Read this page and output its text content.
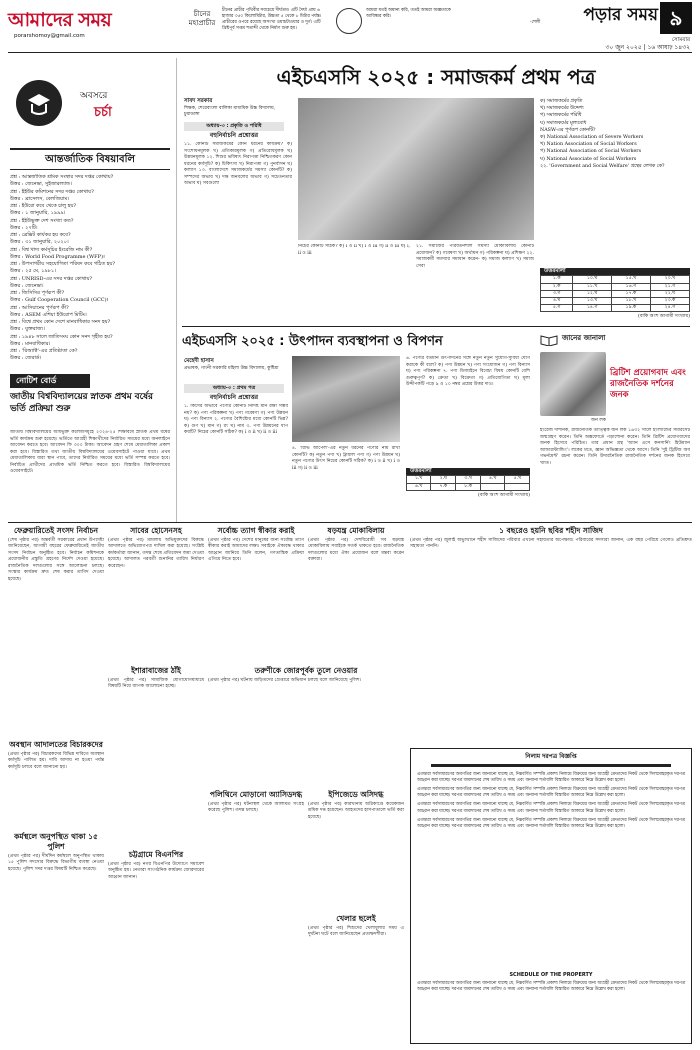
আমাদের সময়
porarshomoy@gmail.com
চীনের মহাপ্রাচীর
চীনের প্রাচীর পৃথিবীর সবচেয়ে দীর্ঘতম। এটি দৈর্ঘ্য প্রায় ৬ হাজার ৩৫০ কিলোমিটার, উচ্চতা ৫ থেকে ৮ মিটার পর্যন্ত। প্রাচীরের ওপরে রয়েছে অসংখ্য ওয়াচটাওয়ার ও দুর্গ। এটি খ্রিষ্টপূর্ব সপ্তম শতাব্দী থেকে নির্মাণ শুরু হয়।
আমরা যতই অমান্য করি, ততই আমরা অজ্ঞতাকে আবিষ্কার করি।
-শেলী	পড়ার সময় ৯
সোমবার
৩০ জুন ২০২৫ | ১৬ আষাঢ় ১৪৩২
অবসরে
চর্চা
আন্তর্জাতিক বিষয়াবলি
প্রশ্ন : আন্তর্জাতিক শ্রমিক সংস্থার সদর দপ্তর কোথায়?
উত্তর : জেনেভা, সুইজারল্যান্ড।
প্রশ্ন : ইইউর কমিশনের সদর দপ্তর কোথায়?
উত্তর : ব্রাসেলস, বেলজিয়াম।
প্রশ্ন : ইউরো কবে থেকে চালু হয়?
উত্তর : ১ জানুয়ারি, ১৯৯৯।
প্রশ্ন : ইইউভুক্ত দেশ সংখ্যা কত?
উত্তর : ২৭টি।
প্রশ্ন : ব্রেক্সিট কার্যকর হয় কবে?
উত্তর : ৩১ জানুয়ারি, ২০২০।
প্রশ্ন : বিশ্ব খাদ্য কর্মসূচির ইংরেজি নাম কী?
উত্তর : World Food Programme (WFP)।
প্রশ্ন : উপসাগরীয় সহযোগিতা পরিষদ কবে গঠিত হয়?
উত্তর : ২৫ মে, ১৯৮১।
প্রশ্ন : UNRISD-এর সদর দপ্তর কোথায়?
উত্তর : জেনেভা।
প্রশ্ন : জিসিসির পূর্ণরূপ কী?
উত্তর : Gulf Cooperation Council (GCC)।
প্রশ্ন : আসিয়ানের পূর্ণরূপ কী?
উত্তর : ASEM এশিয়া ইউরোপ মিটিং।
প্রশ্ন : বিশ্বে প্রথম কোন দেশে মানবাধিকার সনদ হয়?
উত্তর : যুক্তরাজ্য।
প্রশ্ন : ১৯৪৮ সালে জাতিসংঘ কোন সনদ গৃহীত হয়?
উত্তর : মানবাধিকার।
প্রশ্ন : 'রিঅ্যাক্ট'-এর প্রতিষ্ঠাতা কে?
উত্তর : জেরার্ড।
নোটিশ বোর্ড
জাতীয় বিশ্ববিদ্যালয়ের স্নাতক প্রথম বর্ষের ভর্তি প্রক্রিয়া শুরু
জাতীয় বিশ্ববিদ্যালয়ের অধিভুক্ত কলেজসমূহে ২০২৪-২৫ শিক্ষাবর্ষে স্নাতক প্রথম বর্ষের ভর্তি কার্যক্রম শুরু হয়েছে। ভর্তিতে আগ্রহী শিক্ষার্থীদের নির্ধারিত সময়ের মধ্যে অনলাইনে আবেদন করতে হবে। আবেদন ফি ৩০০ টাকা। আবেদন গ্রহণ শেষে মেধাতালিকা প্রকাশ করা হবে। বিস্তারিত তথ্য জাতীয় বিশ্ববিদ্যালয়ের ওয়েবসাইটে পাওয়া যাবে। প্রথম মেধাতালিকায় যারা স্থান পাবে, তাদের নির্ধারিত সময়ের মধ্যে ভর্তি সম্পন্ন করতে হবে। নির্বাচিত প্রার্থীদের প্রাথমিক ভর্তি নিশ্চিত করতে হবে। বিস্তারিত বিশ্ববিদ্যালয়ের ওয়েবসাইটে।
এইচএসসি ২০২৫ : সমাজকর্ম প্রথম পত্র
সাবদ সরকার
শিক্ষক, শেরেবাংলা বালিকা মাধ্যমিক উচ্চ বিদ্যালয়, চুয়াডাঙ্গা
ক) সমাজকর্মের প্রকৃতি
খ) সমাজকর্মের উদ্দেশ্য
গ) সমাজকর্মের পরিধি
ঘ) সমাজকর্মের মূল্যবোধ
NASW-এর পূর্ণরূপ কোনটি?
ক) National Association of Severe Workers
খ) Nation Association of Social Workers
গ) National Association of Social Workers
ঘ) National Associate of Social Workers
২২. 'Government and Social Welfare' গ্রন্থের লেখক কে?
অধ্যায়-৩ : প্রকৃতি ও পরিধি
বহুনির্বাচনি প্রশ্নোত্তর
১১. কোনটি সমাজকর্মের কোন ধরনের কার্যক্রম? ক) সংশোধনমূলক খ) প্রতিকারমূলক গ) প্রতিরোধমূলক ঘ) উন্নয়নমূলক ১২. শিশুর ভবিষ্যৎ নিরাপত্তা নিশ্চিতকরণ কোন ধরনের কর্মসূচি? ক) চিকিৎসা খ) নিরাপত্তা গ) পুনর্বাসন ঘ) কল্যাণ ১৩. বাংলাদেশে সমাজকর্মের সমস্যা কোনটি? ক) সম্পদের অভাব খ) দক্ষ জনবলের অভাব গ) সচেতনতার অভাব ঘ) সবগুলো
নিচের কোনটি সঠিক? ক) i ও ii খ) i ও iii গ) ii ও iii ঘ) i, ii ও iii
২১. সমাজের পরিবর্তনশীল সমস্যা মোকাবিলায় কোনটি প্রয়োজন? ক) গবেষণা খ) অর্থায়ন গ) পরিকল্পনা ঘ) প্রশিক্ষণ ২২. সমাজকর্মী সমস্যার সমাধান করেন- ক) সমাজ কল্যাণ খ) সমাজ সেবা
উত্তরমালা
১.ক	১০.ঘ	১৫.খ	২০.খ
২.ক	১১.খ	১৬.গ	২১.গ
৩.গ	১২.ঘ	১৭.ক	২২.ঘ
৪.ঘ	১৩.খ	১৮.খ	২৩.ক
৫.গ	১৪.গ	১৯.ক	২৪.গ
(বাকি অংশ আগামী সংখ্যায়)
এইচএসসি ২০২৫ : উৎপাদন ব্যবস্থাপনা ও বিপণন	জানের জানালা
মেহেদী হাসান
প্রভাষক, গাংনী সরকারি মহিলা উচ্চ বিদ্যালয়, কুষ্টিয়া
অধ্যায়-৩ : প্রথম পত্র
বহুনির্বাচনি প্রশ্নোত্তর
১. কিসের অভাবে পণ্যের কোনটি নির্দিষ্ট মান রক্ষা সম্ভব নয়? ক) পণ্য পরিকল্পনা খ) পণ্য গবেষণা গ) পণ্য উন্নয়ন ঘ) পণ্য বিন্যাস ২. পণ্যের বৈশিষ্ট্যের মধ্যে কোনটি ভিন্ন? ক) গুণ খ) মান গ) রং ঘ) নাম ৩. পণ্য উন্নয়নের ধাপ কয়টি? নিচের কোনটি সঠিক? ক) i ও ii খ) ii ও iii
৪. 'রিভি আপেল'-এর নতুন ধরনের পণ্যের নাম রাখা কোনটি? ক) নতুন পণ্য খ) ট্রায়াল পণ্য গ) পণ্য উন্নয়ন ঘ) নতুন পণ্যের উৎস নিচের কোনটি সঠিক? ক) i ও ii খ) i ও iii গ) ii ও iii
৬. পণ্যের বর্তমান উৎপাদনের সঙ্গে নতুন নতুন সুযোগ-সুবিধা যোগ করাকে কী বলে? ক) পণ্য উন্নয়ন খ) পণ্য সংযোজন গ) পণ্য বিন্যাস ঘ) পণ্য পরিকল্পনা ৭. পণ্য ডিজাইনে বিবেচ্য বিষয় কোনটি বেশি গুরুত্বপূর্ণ? ক) ক্রেতা খ) বিক্রেতা গ) প্রতিযোগিতা ঘ) মূল্য উদ্দীপকটি পড়ে ৯ ও ১০ নম্বর প্রশ্নের উত্তর দাও।
উত্তরমালা
১.খ	২.ঘ	৩.খ	৪.খ	৫.খ
৬.খ	৭.ক	৮.ক		
(বাকি অংশ আগামী সংখ্যায়)
জন লক
ব্রিটিশ প্রয়োগবাদ এবং রাজনৈতিক দর্শনের জনক
ইংরেজ দার্শনিক, রাজনৈতিক তাত্ত্বিক জন লক ১৬৩২ সালে ইংল্যান্ডের সমারসেট জন্মগ্রহণ করেন। তিনি অক্সফোর্ডে পড়াশোনা করেন। তিনি ব্রিটিশ প্রয়োগবাদের জনক হিসেবে পরিচিত। তার প্রধান গ্রন্থ 'অ্যান এসে কনসার্নিং হিউম্যান আন্ডারস্ট্যান্ডিং'। লকের মতে, জ্ঞান অভিজ্ঞতা থেকে আসে। তিনি 'দুই ট্রিটিজ অব গভর্নমেন্ট' রচনা করেন। তিনি উদারনৈতিক রাজনৈতিক দর্শনের জনক হিসেবে খ্যাত।
ফেব্রুয়ারিতেই সংসদ নির্বাচন
(শেষ পৃষ্ঠার পর) অন্তর্বর্তী সরকারের প্রধান উপদেষ্টা জানিয়েছেন, আগামী বছরের ফেব্রুয়ারিতেই জাতীয় সংসদ নির্বাচন অনুষ্ঠিত হবে। নির্বাচন কমিশনকে প্রয়োজনীয় প্রস্তুতি গ্রহণের নির্দেশ দেওয়া হয়েছে। রাজনৈতিক দলগুলোর সঙ্গে আলোচনা চলছে। সংস্কার কার্যক্রম দ্রুত শেষ করার তাগিদ দেওয়া হয়েছে।
সাবের হোসেনসহ
(প্রথম পৃষ্ঠার পর) মামলায় অভিযুক্তদের বিরুদ্ধে আদালতে অভিযোগপত্র দাখিল করা হয়েছে। সংশ্লিষ্ট কর্মকর্তারা জানান, তদন্ত শেষে প্রতিবেদন জমা দেওয়া হয়েছে। আদালত পরবর্তী শুনানির তারিখ নির্ধারণ করেছেন।
সর্বোচ্চ ত্যাগ স্বীকার করাই
(প্রথম পৃষ্ঠার পর) দেশের মানুষের জন্য সর্বোচ্চ ত্যাগ স্বীকার করাই আমাদের লক্ষ্য। সবাইকে ঐক্যবদ্ধ থাকার আহ্বান জানিয়ে তিনি বলেন, গণতান্ত্রিক প্রক্রিয়া এগিয়ে নিতে হবে।
ষড়যন্ত্র মোকাবিলায়
(প্রথম পৃষ্ঠার পর) দেশবিরোধী সব ষড়যন্ত্র মোকাবিলায় সবাইকে সতর্ক থাকতে হবে। রাজনৈতিক দলগুলোর মধ্যে ঐক্য প্রয়োজন বলে মন্তব্য করেন বক্তারা।
১ বছরেও হয়নি ছবির শহীদ সাজিদ
(প্রথম পৃষ্ঠার পর) জুলাই অভ্যুত্থানে শহীদ সাজিদের পরিবার এখনো সহায়তার অপেক্ষায়। পরিবারের সদস্যরা জানান, এক বছর পেরিয়ে গেলেও প্রতিশ্রুত সহায়তা পাননি।
অবস্থান আদালতের বিচারকদের
(প্রথম পৃষ্ঠার পর) বিচারকদের বিভিন্ন দাবিতে অবস্থান কর্মসূচি পালিত হয়। দাবি আদায় না হওয়া পর্যন্ত কর্মসূচি চলবে বলে জানানো হয়।
কর্মস্থলে অনুপস্থিত থাকা ১৫ পুলিশ
(প্রথম পৃষ্ঠার পর) দীর্ঘদিন কর্মস্থলে অনুপস্থিত থাকায় ১৫ পুলিশ সদস্যের বিরুদ্ধে বিভাগীয় ব্যবস্থা নেওয়া হয়েছে। পুলিশ সদর দপ্তর বিষয়টি নিশ্চিত করেছে।
ইশারাবাজের ঠাঁই
(প্রথম পৃষ্ঠার পর) সামাজিক যোগাযোগমাধ্যমে বিষয়টি নিয়ে ব্যাপক আলোচনা হচ্ছে।
চট্টগ্রামে বিএনপির
(প্রথম পৃষ্ঠার পর) নগর বিএনপির উদ্যোগে সমাবেশ অনুষ্ঠিত হয়। নেতারা সাংগঠনিক কার্যক্রম জোরদারের আহ্বান জানান।
তরুণীকে জোরপূর্বক তুলে নেওয়ার
(প্রথম পৃষ্ঠার পর) ঘটনায় জড়িতদের গ্রেপ্তারে অভিযান চলছে বলে জানিয়েছে পুলিশ।
ইপিজেডে অসিদগ্ধ
(প্রথম পৃষ্ঠার পর) কারখানায় অগ্নিকাণ্ডে কয়েকজন শ্রমিক দগ্ধ হয়েছেন। আহতদের হাসপাতালে ভর্তি করা হয়েছে।
পলিথিনে মোড়ানো অ্যাসিডদগ্ধ
(প্রথম পৃষ্ঠার পর) ঘটনাস্থল থেকে আলামত সংগ্রহ করেছে পুলিশ। তদন্ত চলছে।
খেলার ছলেই
(প্রথম পৃষ্ঠার পর) শিশুদের খেলাধুলার সময় এ দুর্ঘটনা ঘটে বলে জানিয়েছেন প্রত্যক্ষদর্শীরা।
নিলাম দরপত্র বিজ্ঞপ্তি
এতদ্বারা সর্বসাধারণের অবগতির জন্য জানানো যাচ্ছে যে, নিম্নবর্ণিত সম্পত্তি প্রকাশ্য নিলামে বিক্রয়ের জন্য আগ্রহী ক্রেতাদের নিকট থেকে সিলমোহরকৃত দরপত্র আহ্বান করা যাচ্ছে। দরপত্র জমাদানের শেষ তারিখ ও সময় এবং অন্যান্য শর্তাবলি বিস্তারিত আকারে নিম্নে উল্লেখ করা হলো।
এতদ্বারা সর্বসাধারণের অবগতির জন্য জানানো যাচ্ছে যে, নিম্নবর্ণিত সম্পত্তি প্রকাশ্য নিলামে বিক্রয়ের জন্য আগ্রহী ক্রেতাদের নিকট থেকে সিলমোহরকৃত দরপত্র আহ্বান করা যাচ্ছে। দরপত্র জমাদানের শেষ তারিখ ও সময় এবং অন্যান্য শর্তাবলি বিস্তারিত আকারে নিম্নে উল্লেখ করা হলো।
এতদ্বারা সর্বসাধারণের অবগতির জন্য জানানো যাচ্ছে যে, নিম্নবর্ণিত সম্পত্তি প্রকাশ্য নিলামে বিক্রয়ের জন্য আগ্রহী ক্রেতাদের নিকট থেকে সিলমোহরকৃত দরপত্র আহ্বান করা যাচ্ছে। দরপত্র জমাদানের শেষ তারিখ ও সময় এবং অন্যান্য শর্তাবলি বিস্তারিত আকারে নিম্নে উল্লেখ করা হলো।
এতদ্বারা সর্বসাধারণের অবগতির জন্য জানানো যাচ্ছে যে, নিম্নবর্ণিত সম্পত্তি প্রকাশ্য নিলামে বিক্রয়ের জন্য আগ্রহী ক্রেতাদের নিকট থেকে সিলমোহরকৃত দরপত্র আহ্বান করা যাচ্ছে। দরপত্র জমাদানের শেষ তারিখ ও সময় এবং অন্যান্য শর্তাবলি বিস্তারিত আকারে নিম্নে উল্লেখ করা হলো।
SCHEDULE OF THE PROPERTY
এতদ্বারা সর্বসাধারণের অবগতির জন্য জানানো যাচ্ছে যে, নিম্নবর্ণিত সম্পত্তি প্রকাশ্য নিলামে বিক্রয়ের জন্য আগ্রহী ক্রেতাদের নিকট থেকে সিলমোহরকৃত দরপত্র আহ্বান করা যাচ্ছে। দরপত্র জমাদানের শেষ তারিখ ও সময় এবং অন্যান্য শর্তাবলি বিস্তারিত আকারে নিম্নে উল্লেখ করা হলো।
